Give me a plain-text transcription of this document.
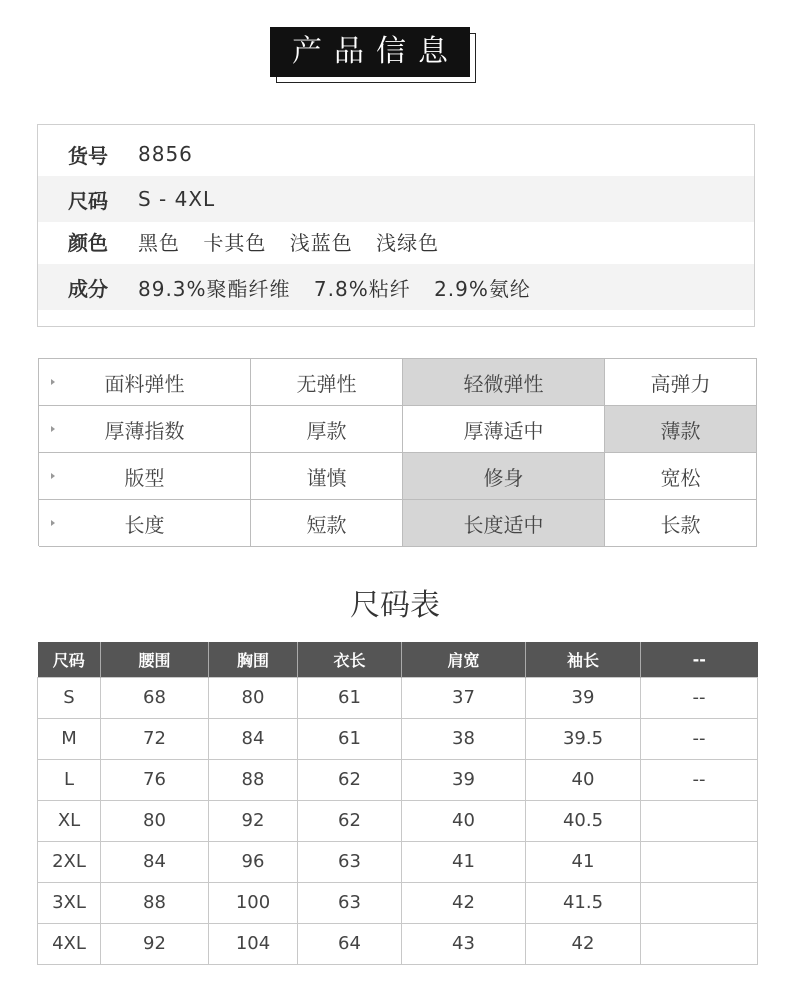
产品信息
货号	8856
尺码	S - 4XL
颜色	黑色 卡其色 浅蓝色 浅绿色
成分	89.3%聚酯纤维 7.8%粘纤 2.9%氨纶
面料弹性	无弹性	轻微弹性	高弹力
厚薄指数	厚款	厚薄适中	薄款
版型	谨慎	修身	宽松
长度	短款	长度适中	长款
尺码表
尺码	腰围	胸围	衣长	肩宽	袖长	--
S	68	80	61	37	39	--
M	72	84	61	38	39.5	--
L	76	88	62	39	40	--
XL	80	92	62	40	40.5	
2XL	84	96	63	41	41	
3XL	88	100	63	42	41.5	
4XL	92	104	64	43	42	
